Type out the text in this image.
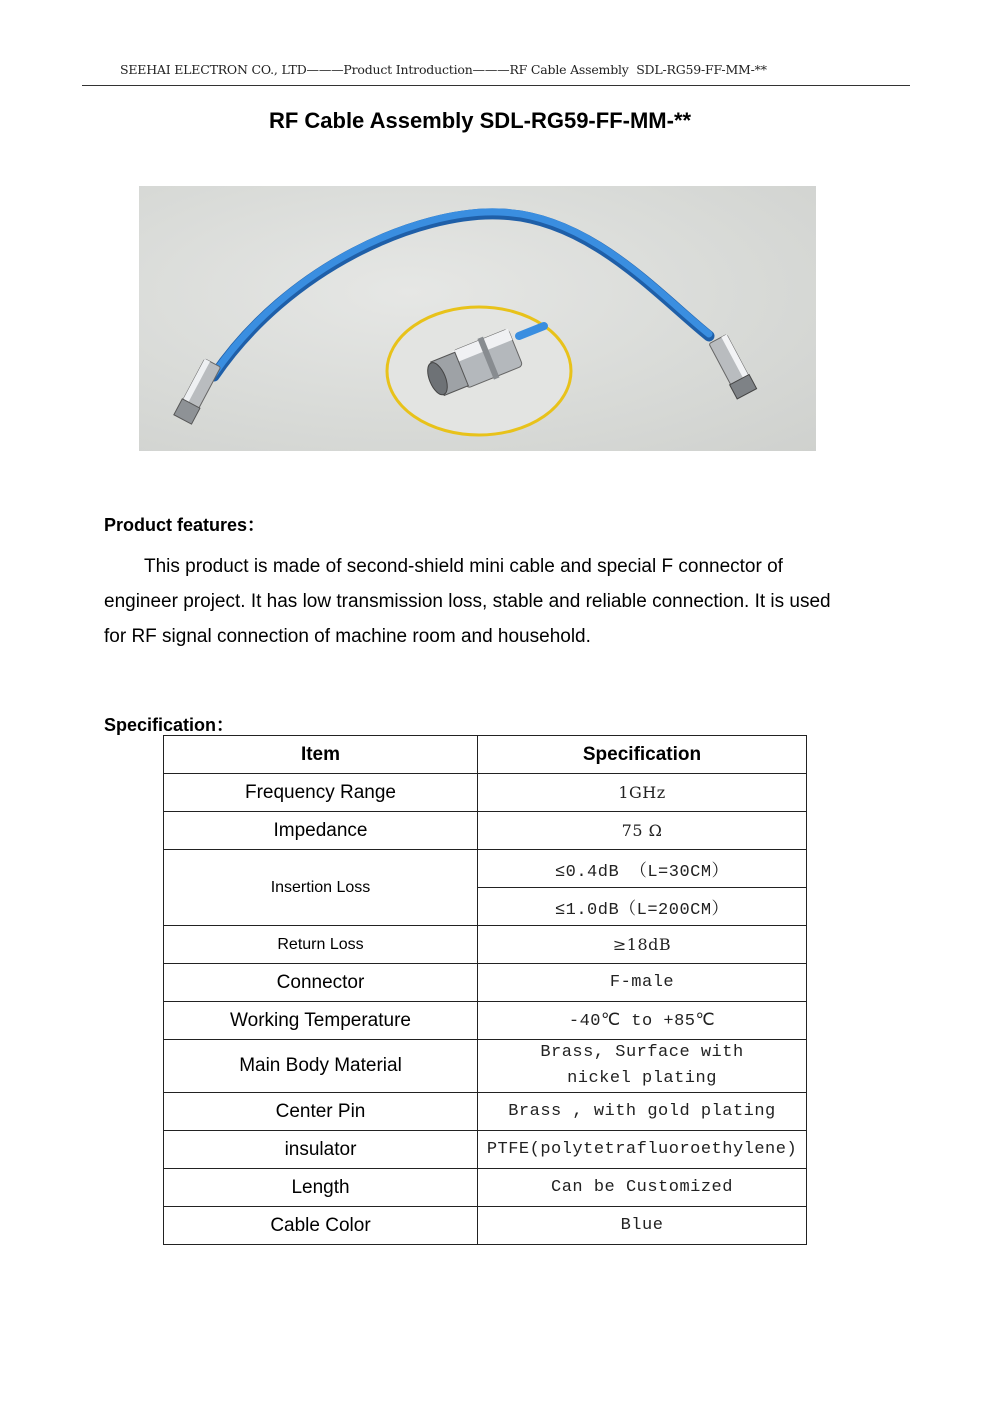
SEEHAI ELECTRON CO., LTD———Product Introduction———RF Cable Assembly  SDL-RG59-FF-MM-**
RF Cable Assembly SDL-RG59-FF-MM-**
Product features：
This product is made of second-shield mini cable and special F connector of engineer project. It has low transmission loss, stable and reliable connection. It is used for RF signal connection of machine room and household.
Specification：
Item	Specification
Frequency Range	1GHz
Impedance	75 Ω
Insertion Loss	≤0.4dB （L=30CM）
	≤1.0dB（L=200CM）
Return Loss	≥18dB
Connector	F-male
Working Temperature	-40℃ to +85℃
Main Body Material	Brass, Surface with nickel plating
Center Pin	Brass , with gold plating
insulator	PTFE(polytetrafluoroethylene)
Length	Can be Customized
Cable Color	Blue
